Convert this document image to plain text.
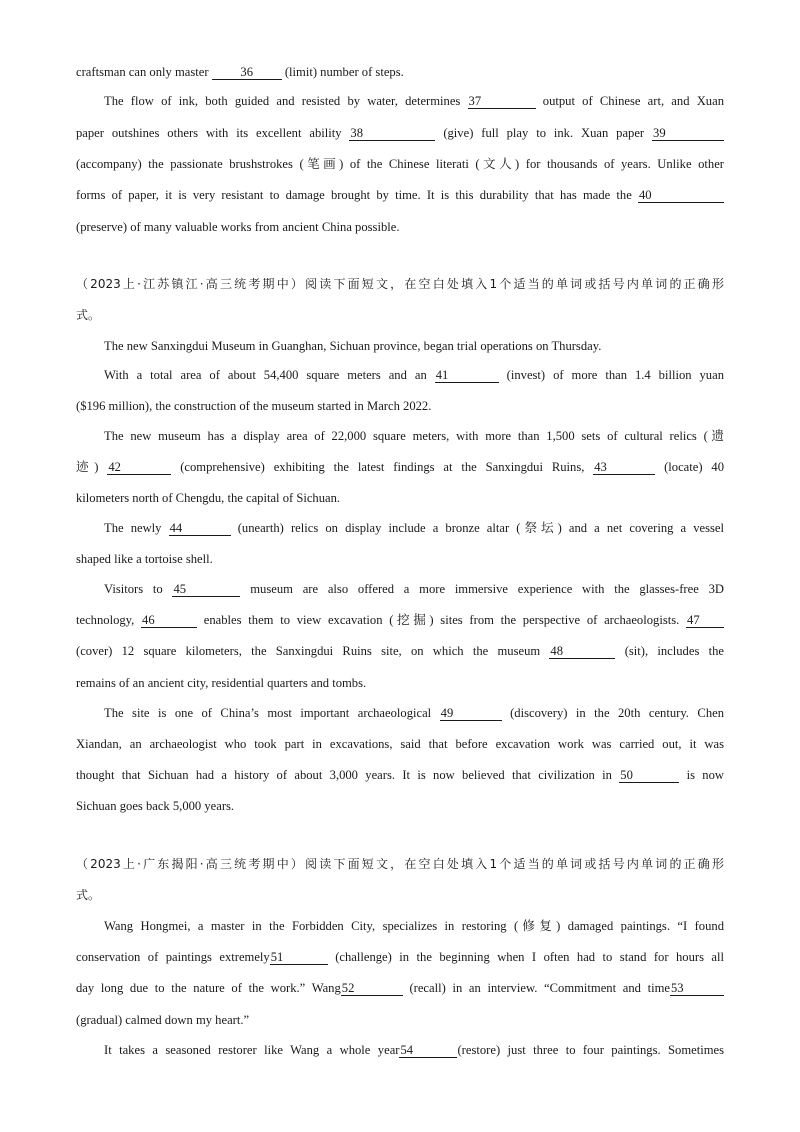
craftsman can only master 36 (limit) number of steps.
The flow of ink, both guided and resisted by water, determines 37	output of Chinese art, and Xuan
paper outshines others with its excellent ability 38	(give) full play to ink. Xuan paper 39
(accompany) the passionate brushstrokes (笔画) of the Chinese literati (文人) for thousands of years. Unlike other
forms of paper, it is very resistant to damage brought by time. It is this durability that has made the 40
(preserve) of many valuable works from ancient China possible.
（2023上·江苏镇江·高三统考期中）阅读下面短文，在空白处填入1个适当的单词或括号内单词的正确形
式。
The new Sanxingdui Museum in Guanghan, Sichuan province, began trial operations on Thursday.
With a total area of about 54,400 square meters and an 41	(invest) of more than 1.4 billion yuan
($196 million), the construction of the museum started in March 2022.
The new museum has a display area of 22,000 square meters, with more than 1,500 sets of cultural relics (遗
迹) 42	(comprehensive) exhibiting the latest findings at the Sanxingdui Ruins, 43	(locate) 40
kilometers north of Chengdu, the capital of Sichuan.
The newly 44	(unearth) relics on display include a bronze altar (祭坛) and a net covering a vessel
shaped like a tortoise shell.
Visitors to 45	museum are also offered a more immersive experience with the glasses-free 3D
technology, 46	enables them to view excavation (挖掘) sites from the perspective of archaeologists. 47
(cover) 12 square kilometers, the Sanxingdui Ruins site, on which the museum 48	(sit), includes the
remains of an ancient city, residential quarters and tombs.
The site is one of China’s most important archaeological 49	(discovery) in the 20th century. Chen
Xiandan, an archaeologist who took part in excavations, said that before excavation work was carried out, it was
thought that Sichuan had a history of about 3,000 years. It is now believed that civilization in 50	is now
Sichuan goes back 5,000 years.
（2023上·广东揭阳·高三统考期中）阅读下面短文，在空白处填入1个适当的单词或括号内单词的正确形
式。
Wang Hongmei, a master in the Forbidden City, specializes in restoring (修复) damaged paintings. “I found
conservation of paintings extremely51	(challenge) in the beginning when I often had to stand for hours all
day long due to the nature of the work.” Wang52	(recall) in an interview. “Commitment and time53
(gradual) calmed down my heart.”
It takes a seasoned restorer like Wang a whole year54	(restore) just three to four paintings. Sometimes
